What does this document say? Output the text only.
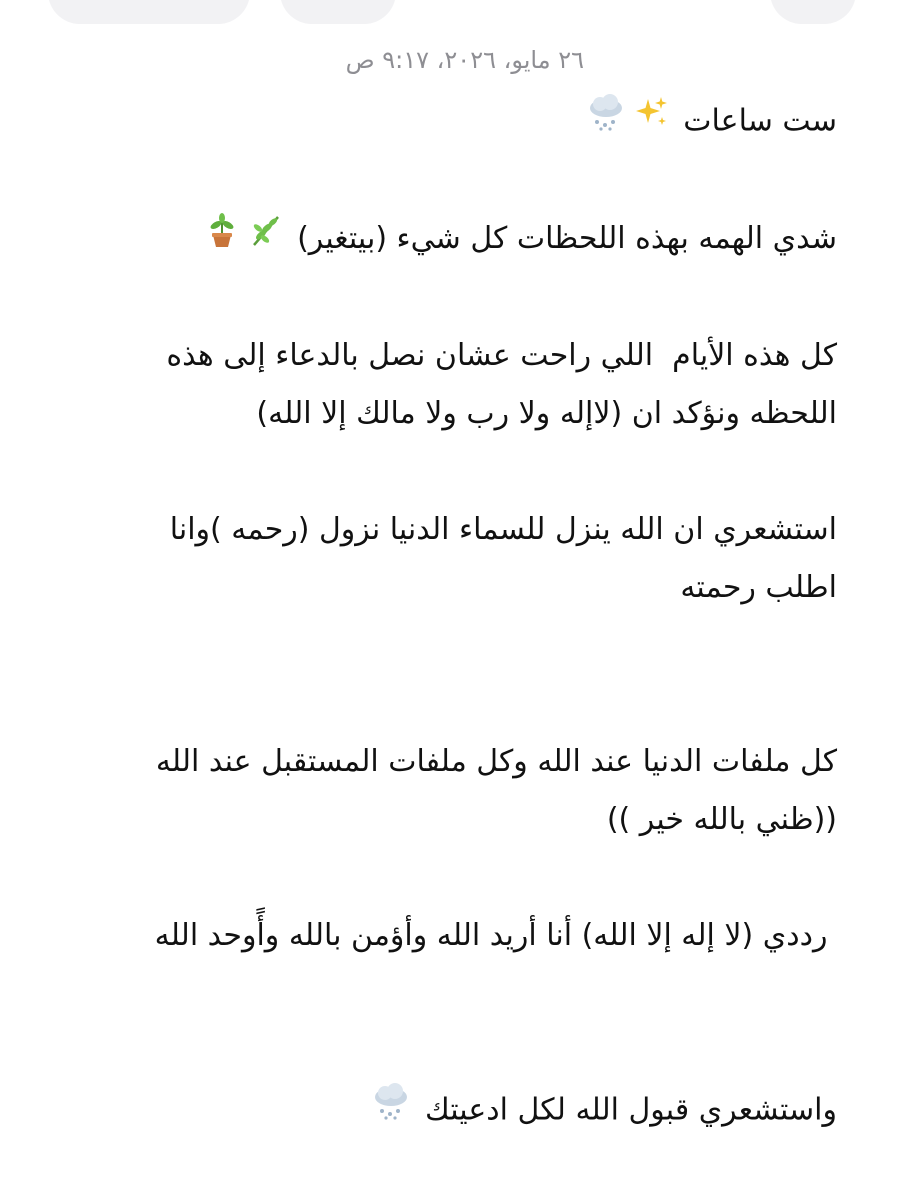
٢٦ مايو، ٢٠٢٦، ٩:١٧ ص

ست ساعات

شدي الهمه بهذه اللحظات كل شيء (بيتغير)

كل هذه الأيام  اللي راحت عشان نصل بالدعاء إلى هذه

اللحظه ونؤكد ان (لاإله ولا رب ولا مالك إلا الله)

استشعري ان الله ينزل للسماء الدنيا نزول (رحمه )وانا

اطلب رحمته

كل ملفات الدنيا عند الله وكل ملفات المستقبل عند الله

((ظني بالله خير ))

رددي (لا إله إلا الله) أنا أريد الله وأؤمن بالله وأًوحد الله

واستشعري قبول الله لكل ادعيتك
